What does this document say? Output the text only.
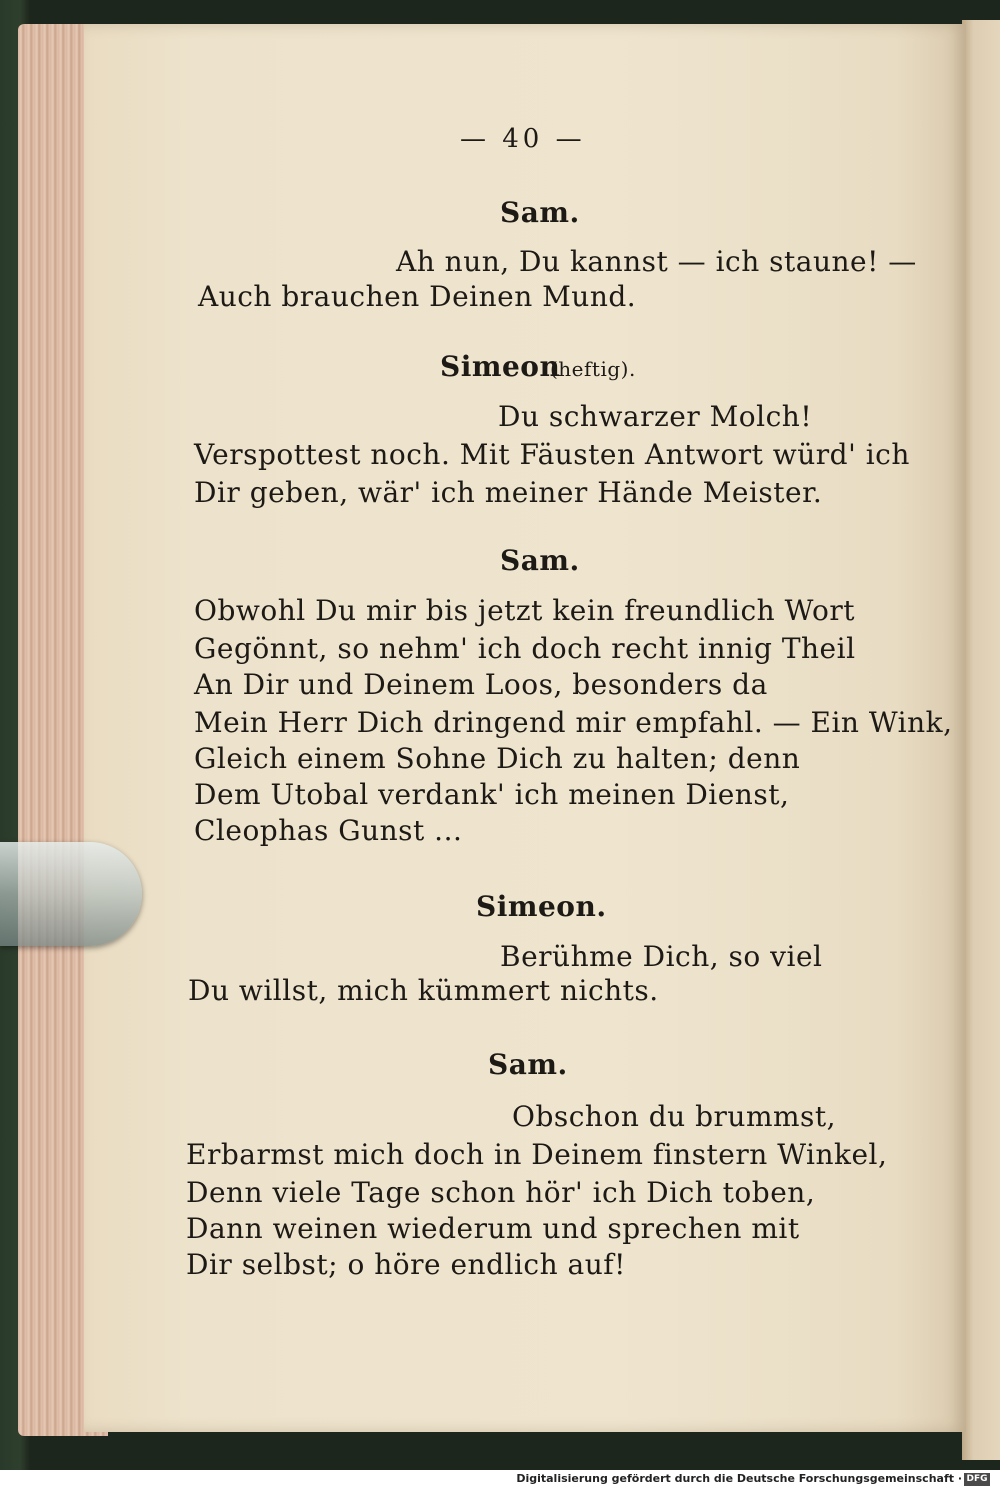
— 40 —
Sam.
Ah nun, Du kannst — ich staune! —
Auch brauchen Deinen Mund.
Simeon
(heftig).
Du schwarzer Molch!
Verspottest noch. Mit Fäusten Antwort würd' ich
Dir geben, wär' ich meiner Hände Meister.
Sam.
Obwohl Du mir bis jetzt kein freundlich Wort
Gegönnt, so nehm' ich doch recht innig Theil
An Dir und Deinem Loos, besonders da
Mein Herr Dich dringend mir empfahl. — Ein Wink,
Gleich einem Sohne Dich zu halten; denn
Dem Utobal verdank' ich meinen Dienst,
Cleophas Gunst ...
Simeon.
Berühme Dich, so viel
Du willst, mich kümmert nichts.
Sam.
Obschon du brummst,
Erbarmst mich doch in Deinem finstern Winkel,
Denn viele Tage schon hör' ich Dich toben,
Dann weinen wiederum und sprechen mit
Dir selbst; o höre endlich auf!
Digitalisierung gefördert durch die Deutsche Forschungsgemeinschaft · DFG
